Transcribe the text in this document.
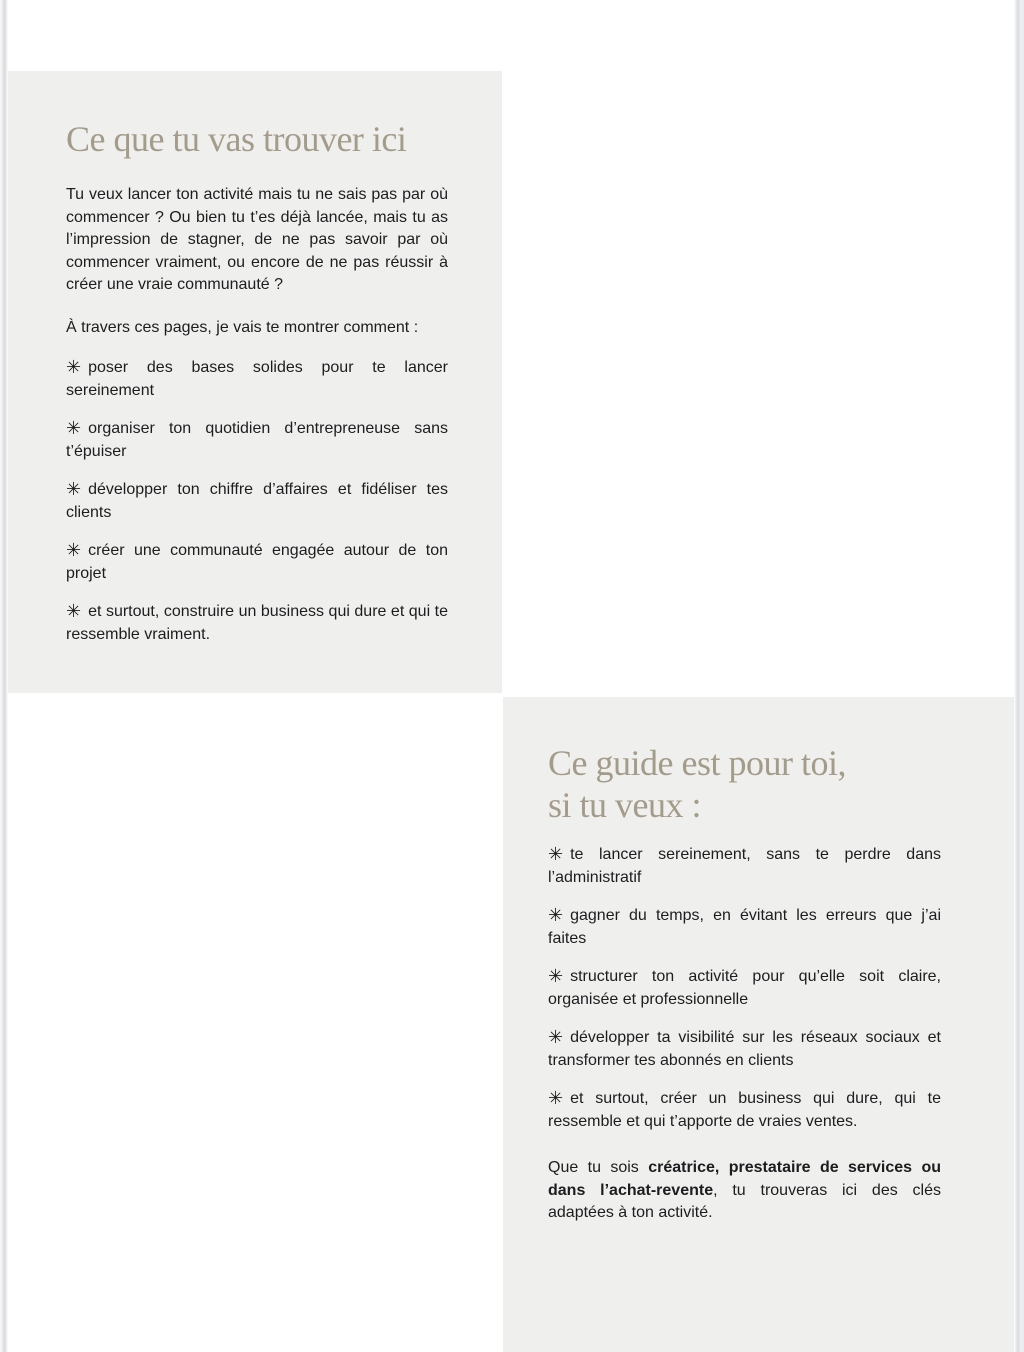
Ce que tu vas trouver ici

Tu veux lancer ton activité mais tu ne sais pas par où commencer ? Ou bien tu t’es déjà lancée, mais tu as l’impression de stagner, de ne pas savoir par où commencer vraiment, ou encore de ne pas réussir à créer une vraie communauté ?

À travers ces pages, je vais te montrer comment :

✳ poser des bases solides pour te lancer sereinement

✳ organiser ton quotidien d’entrepreneuse sans t’épuiser

✳ développer ton chiffre d’affaires et fidéliser tes clients

✳ créer une communauté engagée autour de ton projet

✳ et surtout, construire un business qui dure et qui te ressemble vraiment.

Ce guide est pour toi,
si tu veux :

✳ te lancer sereinement, sans te perdre dans l’administratif

✳ gagner du temps, en évitant les erreurs que j’ai faites

✳ structurer ton activité pour qu’elle soit claire, organisée et professionnelle

✳ développer ta visibilité sur les réseaux sociaux et transformer tes abonnés en clients

✳ et surtout, créer un business qui dure, qui te ressemble et qui t’apporte de vraies ventes.

Que tu sois créatrice, prestataire de services ou dans l’achat-revente, tu trouveras ici des clés adaptées à ton activité.
